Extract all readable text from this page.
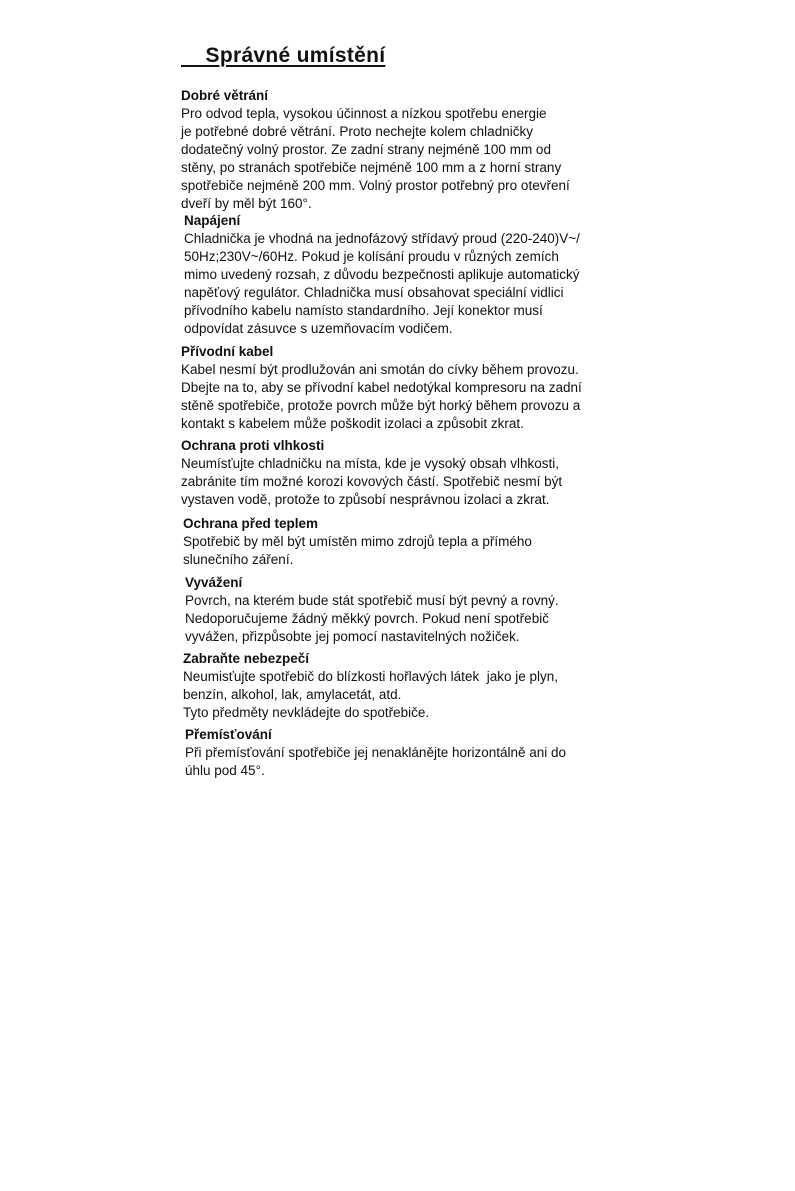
Správné umístění
Dobré větrání
Pro odvod tepla, vysokou účinnost a nízkou spotřebu energie
je potřebné dobré větrání. Proto nechejte kolem chladničky
dodatečný volný prostor. Ze zadní strany nejméně 100 mm od
stěny, po stranách spotřebiče nejméně 100 mm a z horní strany
spotřebiče nejméně 200 mm. Volný prostor potřebný pro otevření
dveří by měl být 160°.
Napájení
Chladnička je vhodná na jednofázový střídavý proud (220-240)V~/
50Hz;230V~/60Hz. Pokud je kolísání proudu v různých zemích
mimo uvedený rozsah, z důvodu bezpečnosti aplikuje automatický
napěťový regulátor. Chladnička musí obsahovat speciální vidlici
přívodního kabelu namísto standardního. Její konektor musí
odpovídat zásuvce s uzemňovacím vodičem.
Přívodní kabel
Kabel nesmí být prodlužován ani smotán do cívky během provozu.
Dbejte na to, aby se přívodní kabel nedotýkal kompresoru na zadní
stěně spotřebiče, protože povrch může být horký během provozu a
kontakt s kabelem může poškodit izolaci a způsobit zkrat.
Ochrana proti vlhkosti
Neumísťujte chladničku na místa, kde je vysoký obsah vlhkosti,
zabránite tím možné korozi kovových částí. Spotřebič nesmí být
vystaven vodě, protože to způsobí nesprávnou izolaci a zkrat.
Ochrana před teplem
Spotřebič by měl být umístěn mimo zdrojů tepla a přímého
slunečního záření.
Vyvážení
Povrch, na kterém bude stát spotřebič musí být pevný a rovný.
Nedoporučujeme žádný měkký povrch. Pokud není spotřebič
vyvážen, přizpůsobte jej pomocí nastavitelných nožiček.
Zabraňte nebezpečí
Neumisťujte spotřebič do blízkosti hořlavých látek  jako je plyn,
benzín, alkohol, lak, amylacetát, atd.
Tyto předměty nevkládejte do spotřebiče.
Přemísťování
Při přemísťování spotřebiče jej nenaklánějte horizontálně ani do
úhlu pod 45°.
